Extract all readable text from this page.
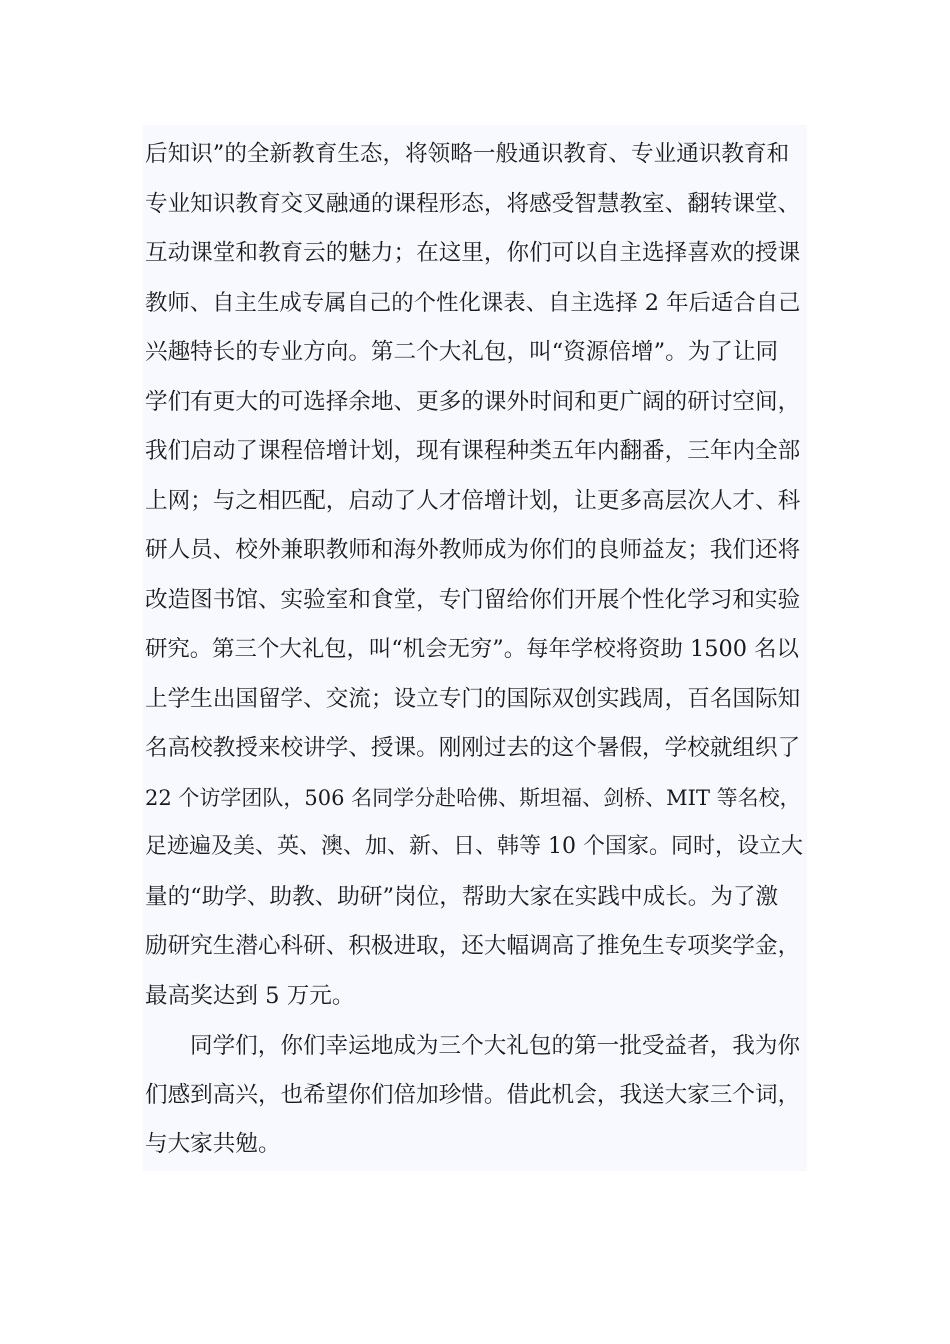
后知识”的全新教育生态，将领略一般通识教育、专业通识教育和
专业知识教育交叉融通的课程形态，将感受智慧教室、翻转课堂、
互动课堂和教育云的魅力；在这里，你们可以自主选择喜欢的授课
教师、自主生成专属自己的个性化课表、自主选择 2 年后适合自己
兴趣特长的专业方向。第二个大礼包，叫“资源倍增”。为了让同
学们有更大的可选择余地、更多的课外时间和更广阔的研讨空间，
我们启动了课程倍增计划，现有课程种类五年内翻番，三年内全部
上网；与之相匹配，启动了人才倍增计划，让更多高层次人才、科
研人员、校外兼职教师和海外教师成为你们的良师益友；我们还将
改造图书馆、实验室和食堂，专门留给你们开展个性化学习和实验
研究。第三个大礼包，叫“机会无穷”。每年学校将资助 1500 名以
上学生出国留学、交流；设立专门的国际双创实践周，百名国际知
名高校教授来校讲学、授课。刚刚过去的这个暑假，学校就组织了
22 个访学团队，506 名同学分赴哈佛、斯坦福、剑桥、MIT 等名校，
足迹遍及美、英、澳、加、新、日、韩等 10 个国家。同时，设立大
量的“助学、助教、助研”岗位，帮助大家在实践中成长。为了激
励研究生潜心科研、积极进取，还大幅调高了推免生专项奖学金，
最高奖达到 5 万元。
同学们，你们幸运地成为三个大礼包的第一批受益者，我为你
们感到高兴，也希望你们倍加珍惜。借此机会，我送大家三个词，
与大家共勉。
